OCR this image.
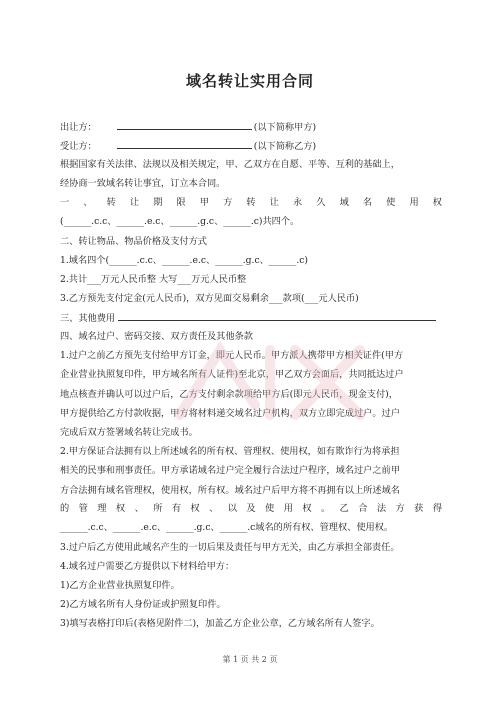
域名转让实用合同
出让方：	(以下简称甲方)
受让方：	(以下简称乙方)
根据国家有关法律、法规以及相关规定，甲、乙双方在自愿、平等、互利的基础上，
经协商一致域名转让事宜，订立本合同。
一 、 转 让 期 限 甲 方 转 让 永 久 域 名 使 用 权
(______.c.c、______.e.c、______.g.c、______.c)共四个。
二、转让物品、物品价格及支付方式
1.域名四个(______.c.c、______.e.c、______.g.c、______.c)
2.共计___万元人民币整 大写___万元人民币整
3.乙方预先支付定金(元人民币)，双方见面交易剩余___款项(___元人民币)
三、其他费用
四、域名过户、密码交接、双方责任及其他条款
1.过户之前乙方预先支付给甲方订金，即元人民币。甲方派人携带甲方相关证件(甲方
企业营业执照复印件，甲方域名所有人证件)至北京，甲乙双方会面后，共同抵达过户
地点核查并确认可以过户后，乙方支付剩余款项给甲方后(即元人民币，现金支付)，
甲方提供给乙方付款收据，甲方将材料递交域名过户机构，双方立即完成过户。过户
完成后双方签署域名转让完成书。
2.甲方保证合法拥有以上所述域名的所有权、管理权、使用权，如有欺诈行为将承担
相关的民事和刑事责任。甲方承诺域名过户完全履行合法过户程序，域名过户之前甲
方合法拥有域名管理权，使用权，所有权。域名过户后甲方将不再拥有以上所述域名
的 管 理 权 、 所 有 权 、 以 及 使 用 权 。 乙 合 法 方 获 得
______.c.c、______.e.c、______.g.c、______.c域名的所有权、管理权、使用权。
3.过户后乙方使用此域名产生的一切后果及责任与甲方无关，由乙方承担全部责任。
4.域名过户需要乙方提供以下材料给甲方：
1)乙方企业营业执照复印件。
2)乙方域名所有人身份证或护照复印件。
3)填写表格打印后(表格见附件二)，加盖乙方企业公章，乙方域名所有人签字。
第 1 页 共 2 页
